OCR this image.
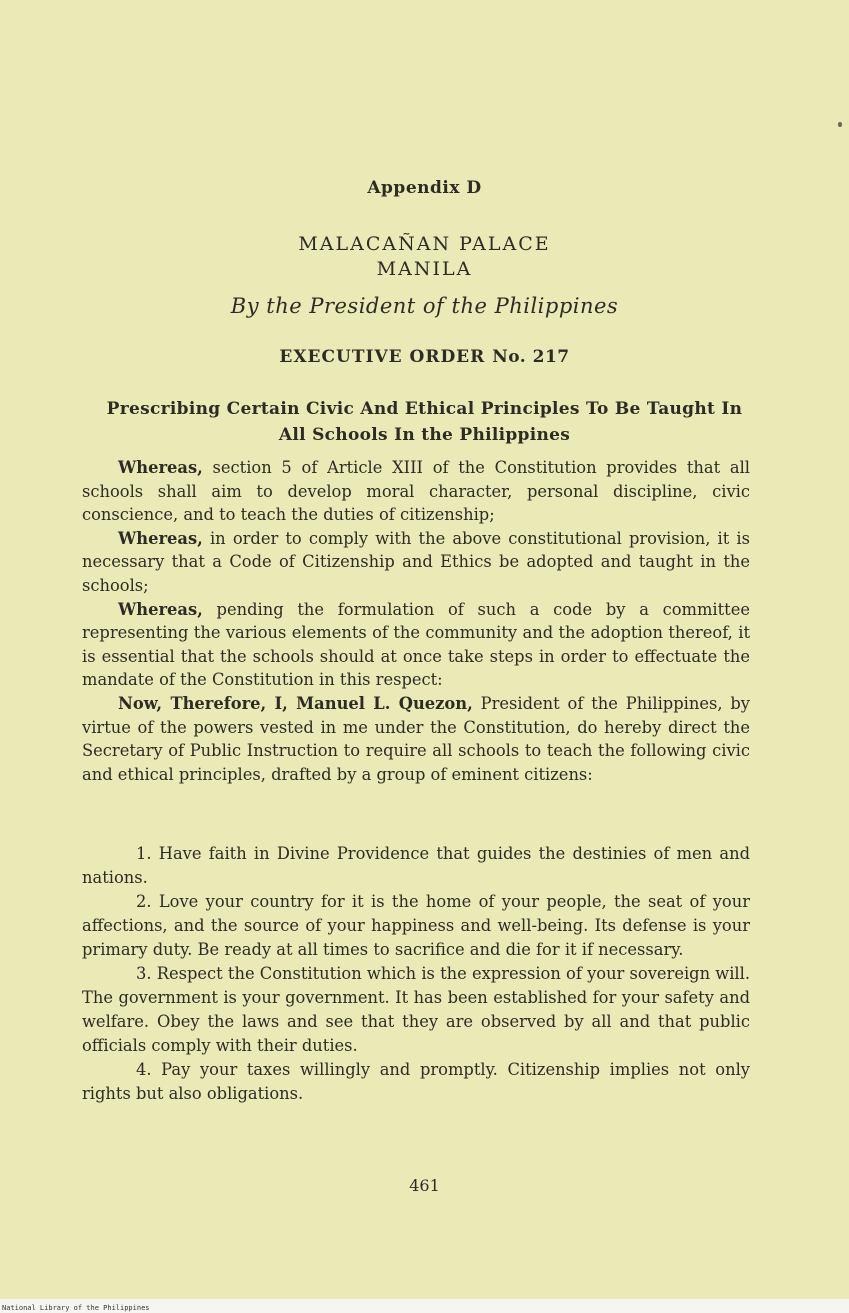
Appendix D
MALACAÑAN PALACE
MANILA
By the President of the Philippines
EXECUTIVE ORDER No. 217
Prescribing Certain Civic And Ethical Principles To Be Taught In
All Schools In the Philippines

Whereas, section 5 of Article XIII of the Constitution provides that all schools shall aim to develop moral character, personal discipline, civic conscience, and to teach the duties of citizenship;

Whereas, in order to comply with the above constitutional provision, it is necessary that a Code of Citizenship and Ethics be adopted and taught in the schools;

Whereas, pending the formulation of such a code by a committee representing the various elements of the community and the adoption thereof, it is essential that the schools should at once take steps in order to effectuate the mandate of the Constitution in this respect:

Now, Therefore, I, Manuel L. Quezon, President of the Philippines, by virtue of the powers vested in me under the Constitution, do hereby direct the Secretary of Public Instruction to require all schools to teach the following civic and ethical principles, drafted by a group of eminent citizens:

1. Have faith in Divine Providence that guides the destinies of men and nations.

2. Love your country for it is the home of your people, the seat of your affections, and the source of your happiness and well-being. Its defense is your primary duty. Be ready at all times to sacrifice and die for it if necessary.

3. Respect the Constitution which is the expression of your sovereign will. The government is your government. It has been established for your safety and welfare. Obey the laws and see that they are observed by all and that public officials comply with their duties.

4. Pay your taxes willingly and promptly. Citizenship implies not only rights but also obligations.

461
National Library of the Philippines
